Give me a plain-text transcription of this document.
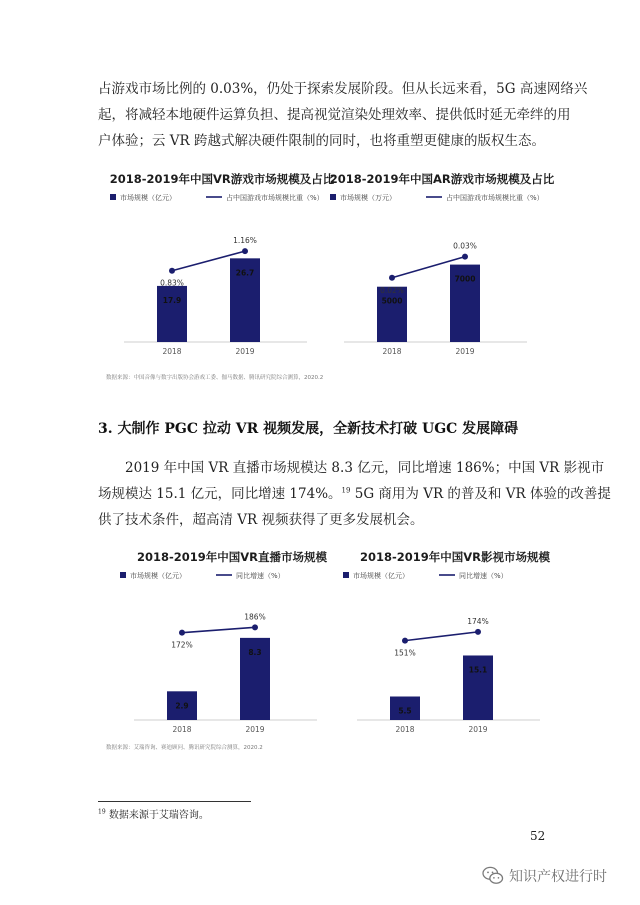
占游戏市场比例的 0.03%，仍处于探索发展阶段。但从长远来看，5G 高速网络兴
起，将减轻本地硬件运算负担、提高视觉渲染处理效率、提供低时延无牵绊的用
户体验；云 VR 跨越式解决硬件限制的同时，也将重塑更健康的版权生态。
2018-2019年中国VR游戏市场规模及占比
市场规模（亿元）	占中国游戏市场规模比重（%）
17.9
2018
26.7
2019
0.83%
1.16%
2018-2019年中国AR游戏市场规模及占比
市场规模（万元）	占中国游戏市场规模比重（%）
5000
2018
7000
2019
0.02%
0.03%
数据来源：中国音像与数字出版协会游戏工委、伽马数据、腾讯研究院综合测算，2020.2
3. 大制作 PGC 拉动 VR 视频发展，全新技术打破 UGC 发展障碍
2019 年中国 VR 直播市场规模达 8.3 亿元，同比增速 186%；中国 VR 影视市
场规模达 15.1 亿元，同比增速 174%。$^{19}$ 5G 商用为 VR 的普及和 VR 体验的改善提
供了技术条件，超高清 VR 视频获得了更多发展机会。
2018-2019年中国VR直播市场规模
市场规模（亿元）	同比增速（%）
2.9
2018
8.3
2019
172%
186%
2018-2019年中国VR影视市场规模
市场规模（亿元）	同比增速（%）
5.5
2018
15.1
2019
151%
174%
数据来源：艾瑞咨询、赛迪顾问、腾讯研究院综合测算，2020.2
$^{19}$ 数据来源于艾瑞咨询。
52
知识产权进行时
